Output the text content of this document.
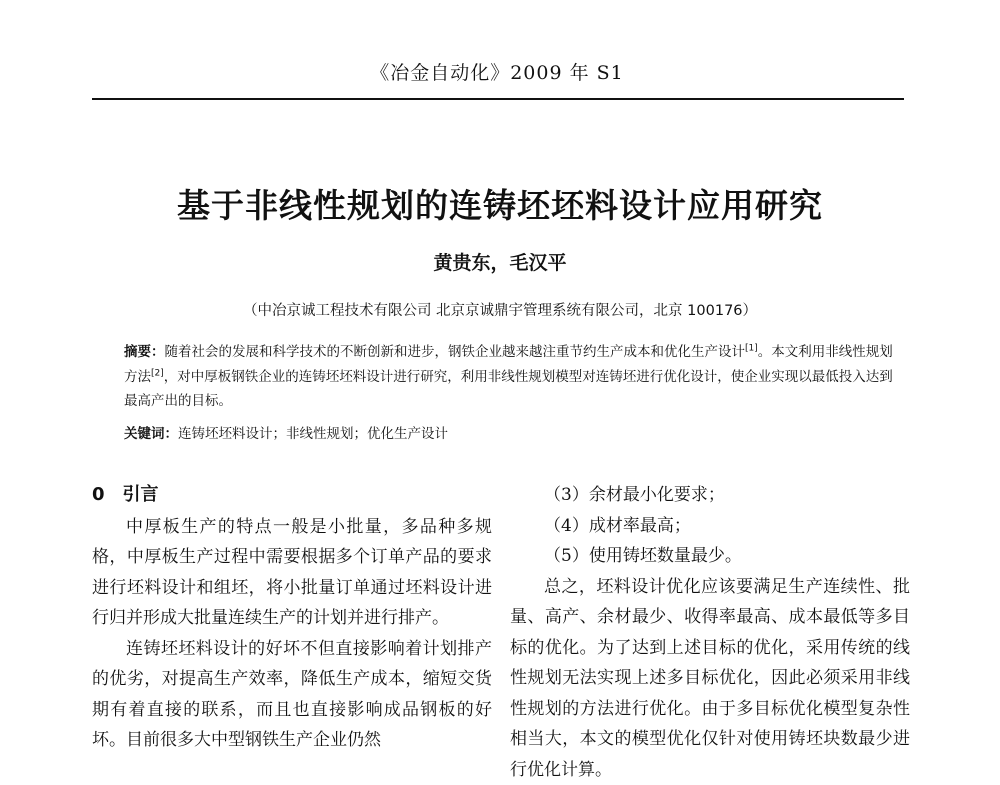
《冶金自动化》2009 年 S1
基于非线性规划的连铸坯坯料设计应用研究
黄贵东，毛汉平
（中冶京诚工程技术有限公司 北京京诚鼎宇管理系统有限公司，北京 100176）
摘要：随着社会的发展和科学技术的不断创新和进步，钢铁企业越来越注重节约生产成本和优化生产设计[1]。本文利用非线性规划方法[2]，对中厚板钢铁企业的连铸坯坯料设计进行研究，利用非线性规划模型对连铸坯进行优化设计，使企业实现以最低投入达到最高产出的目标。
关键词：连铸坯坯料设计；非线性规划；优化生产设计
0 引言

中厚板生产的特点一般是小批量，多品种多规格，中厚板生产过程中需要根据多个订单产品的要求进行坯料设计和组坯，将小批量订单通过坯料设计进行归并形成大批量连续生产的计划并进行排产。

连铸坯坯料设计的好坏不但直接影响着计划排产的优劣，对提高生产效率，降低生产成本，缩短交货期有着直接的联系，而且也直接影响成品钢板的好坏。目前很多大中型钢铁生产企业仍然

（3）余材最小化要求；

（4）成材率最高；

（5）使用铸坯数量最少。

总之，坯料设计优化应该要满足生产连续性、批量、高产、余材最少、收得率最高、成本最低等多目标的优化。为了达到上述目标的优化，采用传统的线性规划无法实现上述多目标优化，因此必须采用非线性规划的方法进行优化。由于多目标优化模型复杂性相当大，本文的模型优化仅针对使用铸坯块数最少进行优化计算。
